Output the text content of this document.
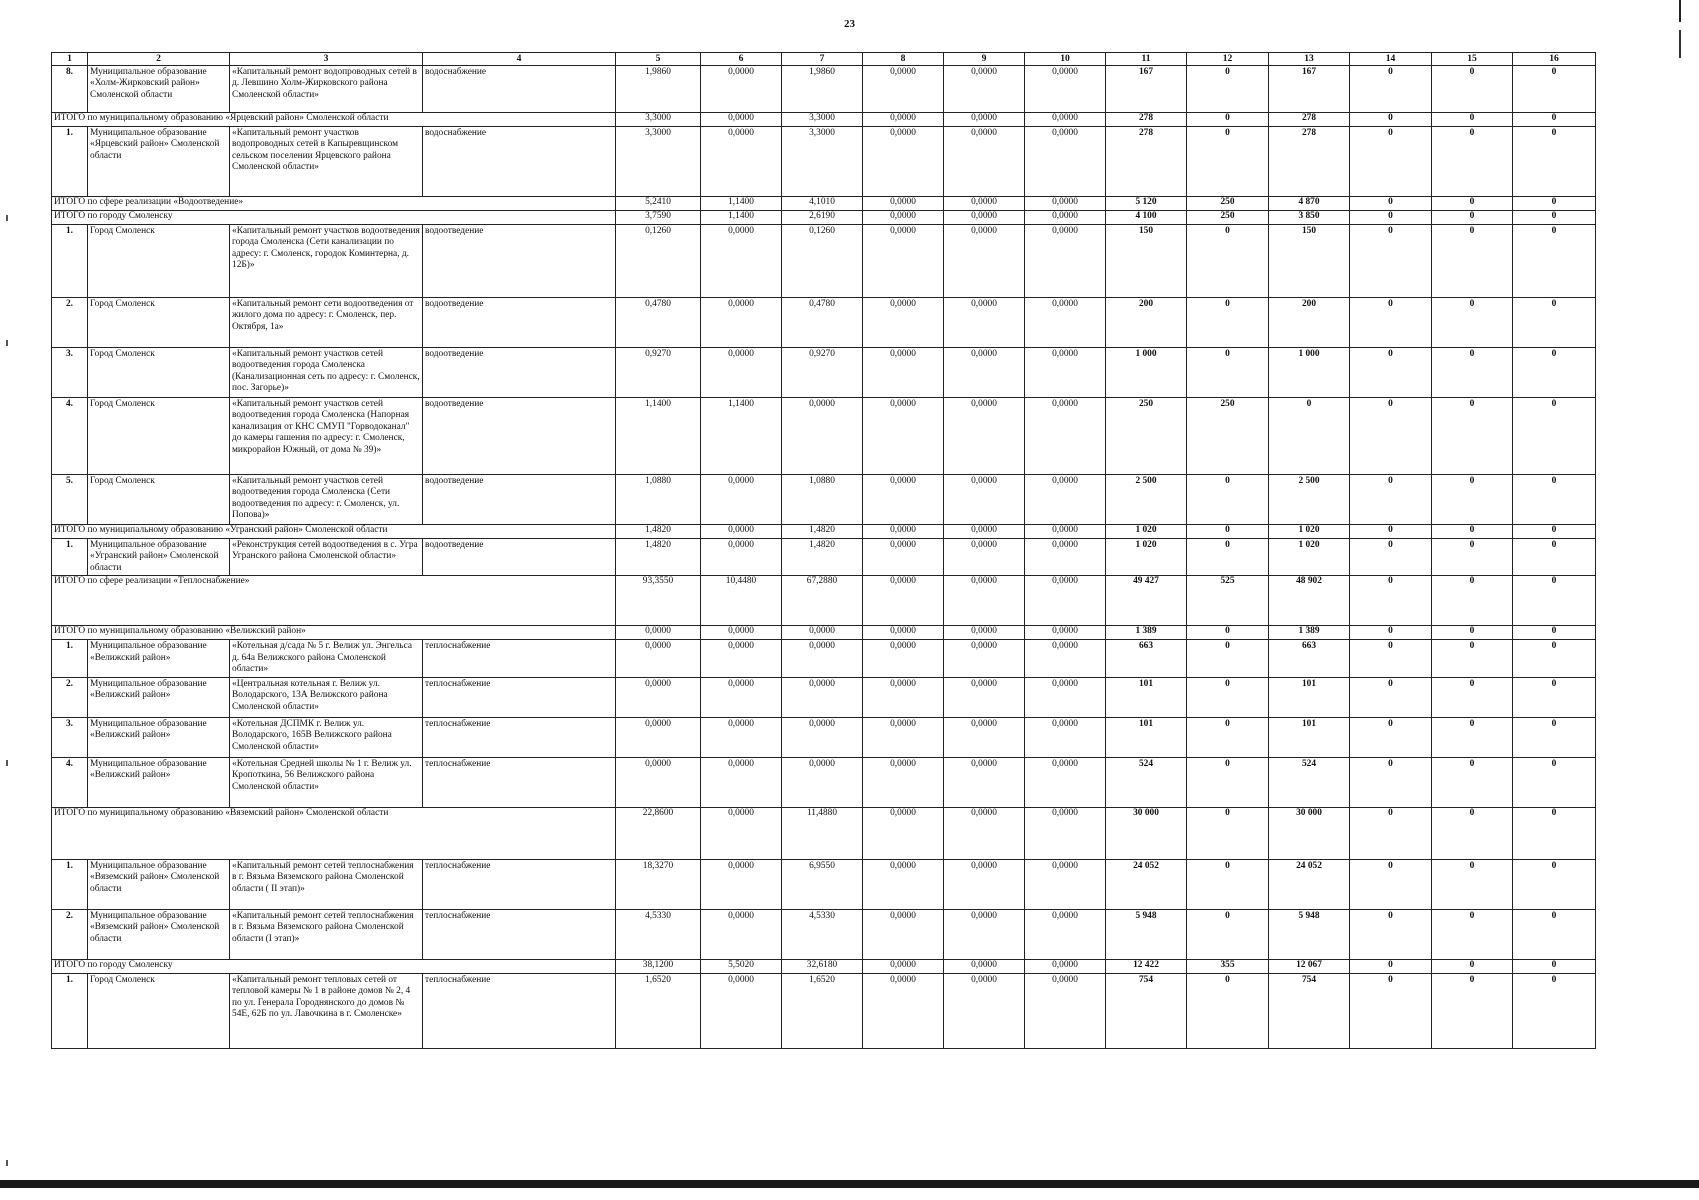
23
1	2	3	4	5	6	7	8	9	10	11	12	13	14	15	16
8.	Муниципальное образование «Холм-Жирковский район» Смоленской области	«Капитальный ремонт водопроводных сетей в д. Левшино Холм-Жирковского района Смоленской области»	водоснабжение	1,9860	0,0000	1,9860	0,0000	0,0000	0,0000	167	0	167	0	0	0
ИТОГО по муниципальному образованию «Ярцевский район» Смоленской области				3,3000	0,0000	3,3000	0,0000	0,0000	0,0000	278	0	278	0	0	0
1.	Муниципальное образование «Ярцевский район» Смоленской области	«Капитальный ремонт участков водопроводных сетей в Капыревщинском сельском поселении Ярцевского района Смоленской области»	водоснабжение	3,3000	0,0000	3,3000	0,0000	0,0000	0,0000	278	0	278	0	0	0
ИТОГО по сфере реализации «Водоотведение»				5,2410	1,1400	4,1010	0,0000	0,0000	0,0000	5 120	250	4 870	0	0	0
ИТОГО по городу Смоленску				3,7590	1,1400	2,6190	0,0000	0,0000	0,0000	4 100	250	3 850	0	0	0
1.	Город Смоленск	«Капитальный ремонт участков водоотведения города Смоленска (Сети канализации по адресу: г. Смоленск, городок Коминтерна, д. 12Б)»	водоотведение	0,1260	0,0000	0,1260	0,0000	0,0000	0,0000	150	0	150	0	0	0
2.	Город Смоленск	«Капитальный ремонт сети водоотведения от жилого дома по адресу: г. Смоленск, пер. Октября, 1а»	водоотведение	0,4780	0,0000	0,4780	0,0000	0,0000	0,0000	200	0	200	0	0	0
3.	Город Смоленск	«Капитальный ремонт участков сетей водоотведения города Смоленска (Канализационная сеть по адресу: г. Смоленск, пос. Загорье)»	водоотведение	0,9270	0,0000	0,9270	0,0000	0,0000	0,0000	1 000	0	1 000	0	0	0
4.	Город Смоленск	«Капитальный ремонт участков сетей водоотведения города Смоленска (Напорная канализация от КНС СМУП "Горводоканал" до камеры гашения по адресу: г. Смоленск, микрорайон Южный, от дома № 39)»	водоотведение	1,1400	1,1400	0,0000	0,0000	0,0000	0,0000	250	250	0	0	0	0
5.	Город Смоленск	«Капитальный ремонт участков сетей водоотведения города Смоленска (Сети водоотведения по адресу: г. Смоленск, ул. Попова)»	водоотведение	1,0880	0,0000	1,0880	0,0000	0,0000	0,0000	2 500	0	2 500	0	0	0
ИТОГО по муниципальному образованию «Угранский район» Смоленской области				1,4820	0,0000	1,4820	0,0000	0,0000	0,0000	1 020	0	1 020	0	0	0
1.	Муниципальное образование «Угранский район» Смоленской области	«Реконструкция сетей водоотведения в с. Угра Угранского района Смоленской области»	водоотведение	1,4820	0,0000	1,4820	0,0000	0,0000	0,0000	1 020	0	1 020	0	0	0
ИТОГО по сфере реализации «Теплоснабжение»				93,3550	10,4480	67,2880	0,0000	0,0000	0,0000	49 427	525	48 902	0	0	0
ИТОГО по муниципальному образованию «Велижский район»				0,0000	0,0000	0,0000	0,0000	0,0000	0,0000	1 389	0	1 389	0	0	0
1.	Муниципальное образование «Велижский район»	«Котельная д/сада № 5 г. Велиж ул. Энгельса д. 64а Велижского района Смоленской области»	теплоснабжение	0,0000	0,0000	0,0000	0,0000	0,0000	0,0000	663	0	663	0	0	0
2.	Муниципальное образование «Велижский район»	«Центральная котельная г. Велиж ул. Володарского, 13А Велижского района Смоленской области»	теплоснабжение	0,0000	0,0000	0,0000	0,0000	0,0000	0,0000	101	0	101	0	0	0
3.	Муниципальное образование «Велижский район»	«Котельная ДСПМК г. Велиж ул. Володарского, 165В Велижского района Смоленской области»	теплоснабжение	0,0000	0,0000	0,0000	0,0000	0,0000	0,0000	101	0	101	0	0	0
4.	Муниципальное образование «Велижский район»	«Котельная Средней школы № 1 г. Велиж ул. Кропоткина, 56 Велижского района Смоленской области»	теплоснабжение	0,0000	0,0000	0,0000	0,0000	0,0000	0,0000	524	0	524	0	0	0
ИТОГО по муниципальному образованию «Вяземский район» Смоленской области				22,8600	0,0000	11,4880	0,0000	0,0000	0,0000	30 000	0	30 000	0	0	0
1.	Муниципальное образование «Вяземский район» Смоленской области	«Капитальный ремонт сетей теплоснабжения в г. Вязьма Вяземского района Смоленской области ( II этап)»	теплоснабжение	18,3270	0,0000	6,9550	0,0000	0,0000	0,0000	24 052	0	24 052	0	0	0
2.	Муниципальное образование «Вяземский район» Смоленской области	«Капитальный ремонт сетей теплоснабжения в г. Вязьма Вяземского района Смоленской области (I этап)»	теплоснабжение	4,5330	0,0000	4,5330	0,0000	0,0000	0,0000	5 948	0	5 948	0	0	0
ИТОГО по городу Смоленску				38,1200	5,5020	32,6180	0,0000	0,0000	0,0000	12 422	355	12 067	0	0	0
1.	Город Смоленск	«Капитальный ремонт тепловых сетей от тепловой камеры № 1 в районе домов № 2, 4 по ул. Генерала Городнянского до домов № 54Е, 62Б по ул. Лавочкина в г. Смоленске»	теплоснабжение	1,6520	0,0000	1,6520	0,0000	0,0000	0,0000	754	0	754	0	0	0
